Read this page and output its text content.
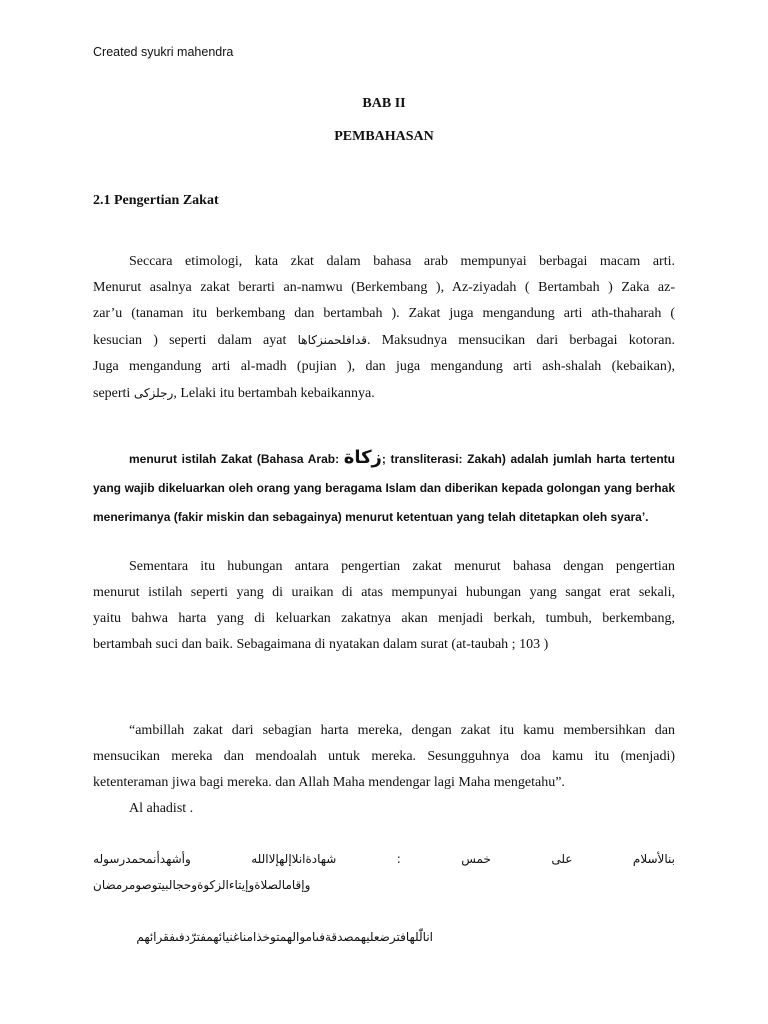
Created syukri mahendra
BAB II
PEMBAHASAN
2.1 Pengertian Zakat
Seccara etimologi, kata zkat dalam bahasa arab mempunyai berbagai macam arti.
Menurut asalnya zakat berarti an-namwu (Berkembang ), Az-ziyadah ( Bertambah ) Zaka az-
zar’u (tanaman itu berkembang dan bertambah ). Zakat juga mengandung arti ath-thaharah (
kesucian ) seperti dalam ayat قدافلحمنزكاها. Maksudnya mensucikan dari berbagai kotoran.
Juga mengandung arti al-madh (pujian ), dan juga mengandung arti ash-shalah (kebaikan),
seperti رجلزكى, Lelaki itu bertambah kebaikannya.
menurut istilah Zakat (Bahasa Arab: زكاة; transliterasi: Zakah) adalah jumlah harta tertentu
yang wajib dikeluarkan oleh orang yang beragama Islam dan diberikan kepada golongan yang berhak
menerimanya (fakir miskin dan sebagainya) menurut ketentuan yang telah ditetapkan oleh syara’.
Sementara itu hubungan antara pengertian zakat menurut bahasa dengan pengertian
menurut istilah seperti yang di uraikan di atas mempunyai hubungan yang sangat erat sekali,
yaitu bahwa harta yang di keluarkan zakatnya akan menjadi berkah, tumbuh, berkembang,
bertambah suci dan baik. Sebagaimana di nyatakan dalam surat (at-taubah ; 103 )
“ambillah zakat dari sebagian harta mereka, dengan zakat itu kamu membersihkan dan
mensucikan mereka dan mendoalah untuk mereka. Sesungguhnya doa kamu itu (menjadi)
ketenteraman jiwa bagi mereka. dan Allah Maha mendengar lagi Maha mengetahu”.
Al ahadist .
بنالأسلام
على
خمس
:
شهادةانلاإلهإلاالله
وأشهدأنمحمدرسوله
وإقامالصلاةوإيتاءالزكوةوحجالبيتوصومرمضان
انالّٰلهافترضعليهمصدقةفىاموالهمتوخذامناغنيائهمفترّدفىفقرائهم
